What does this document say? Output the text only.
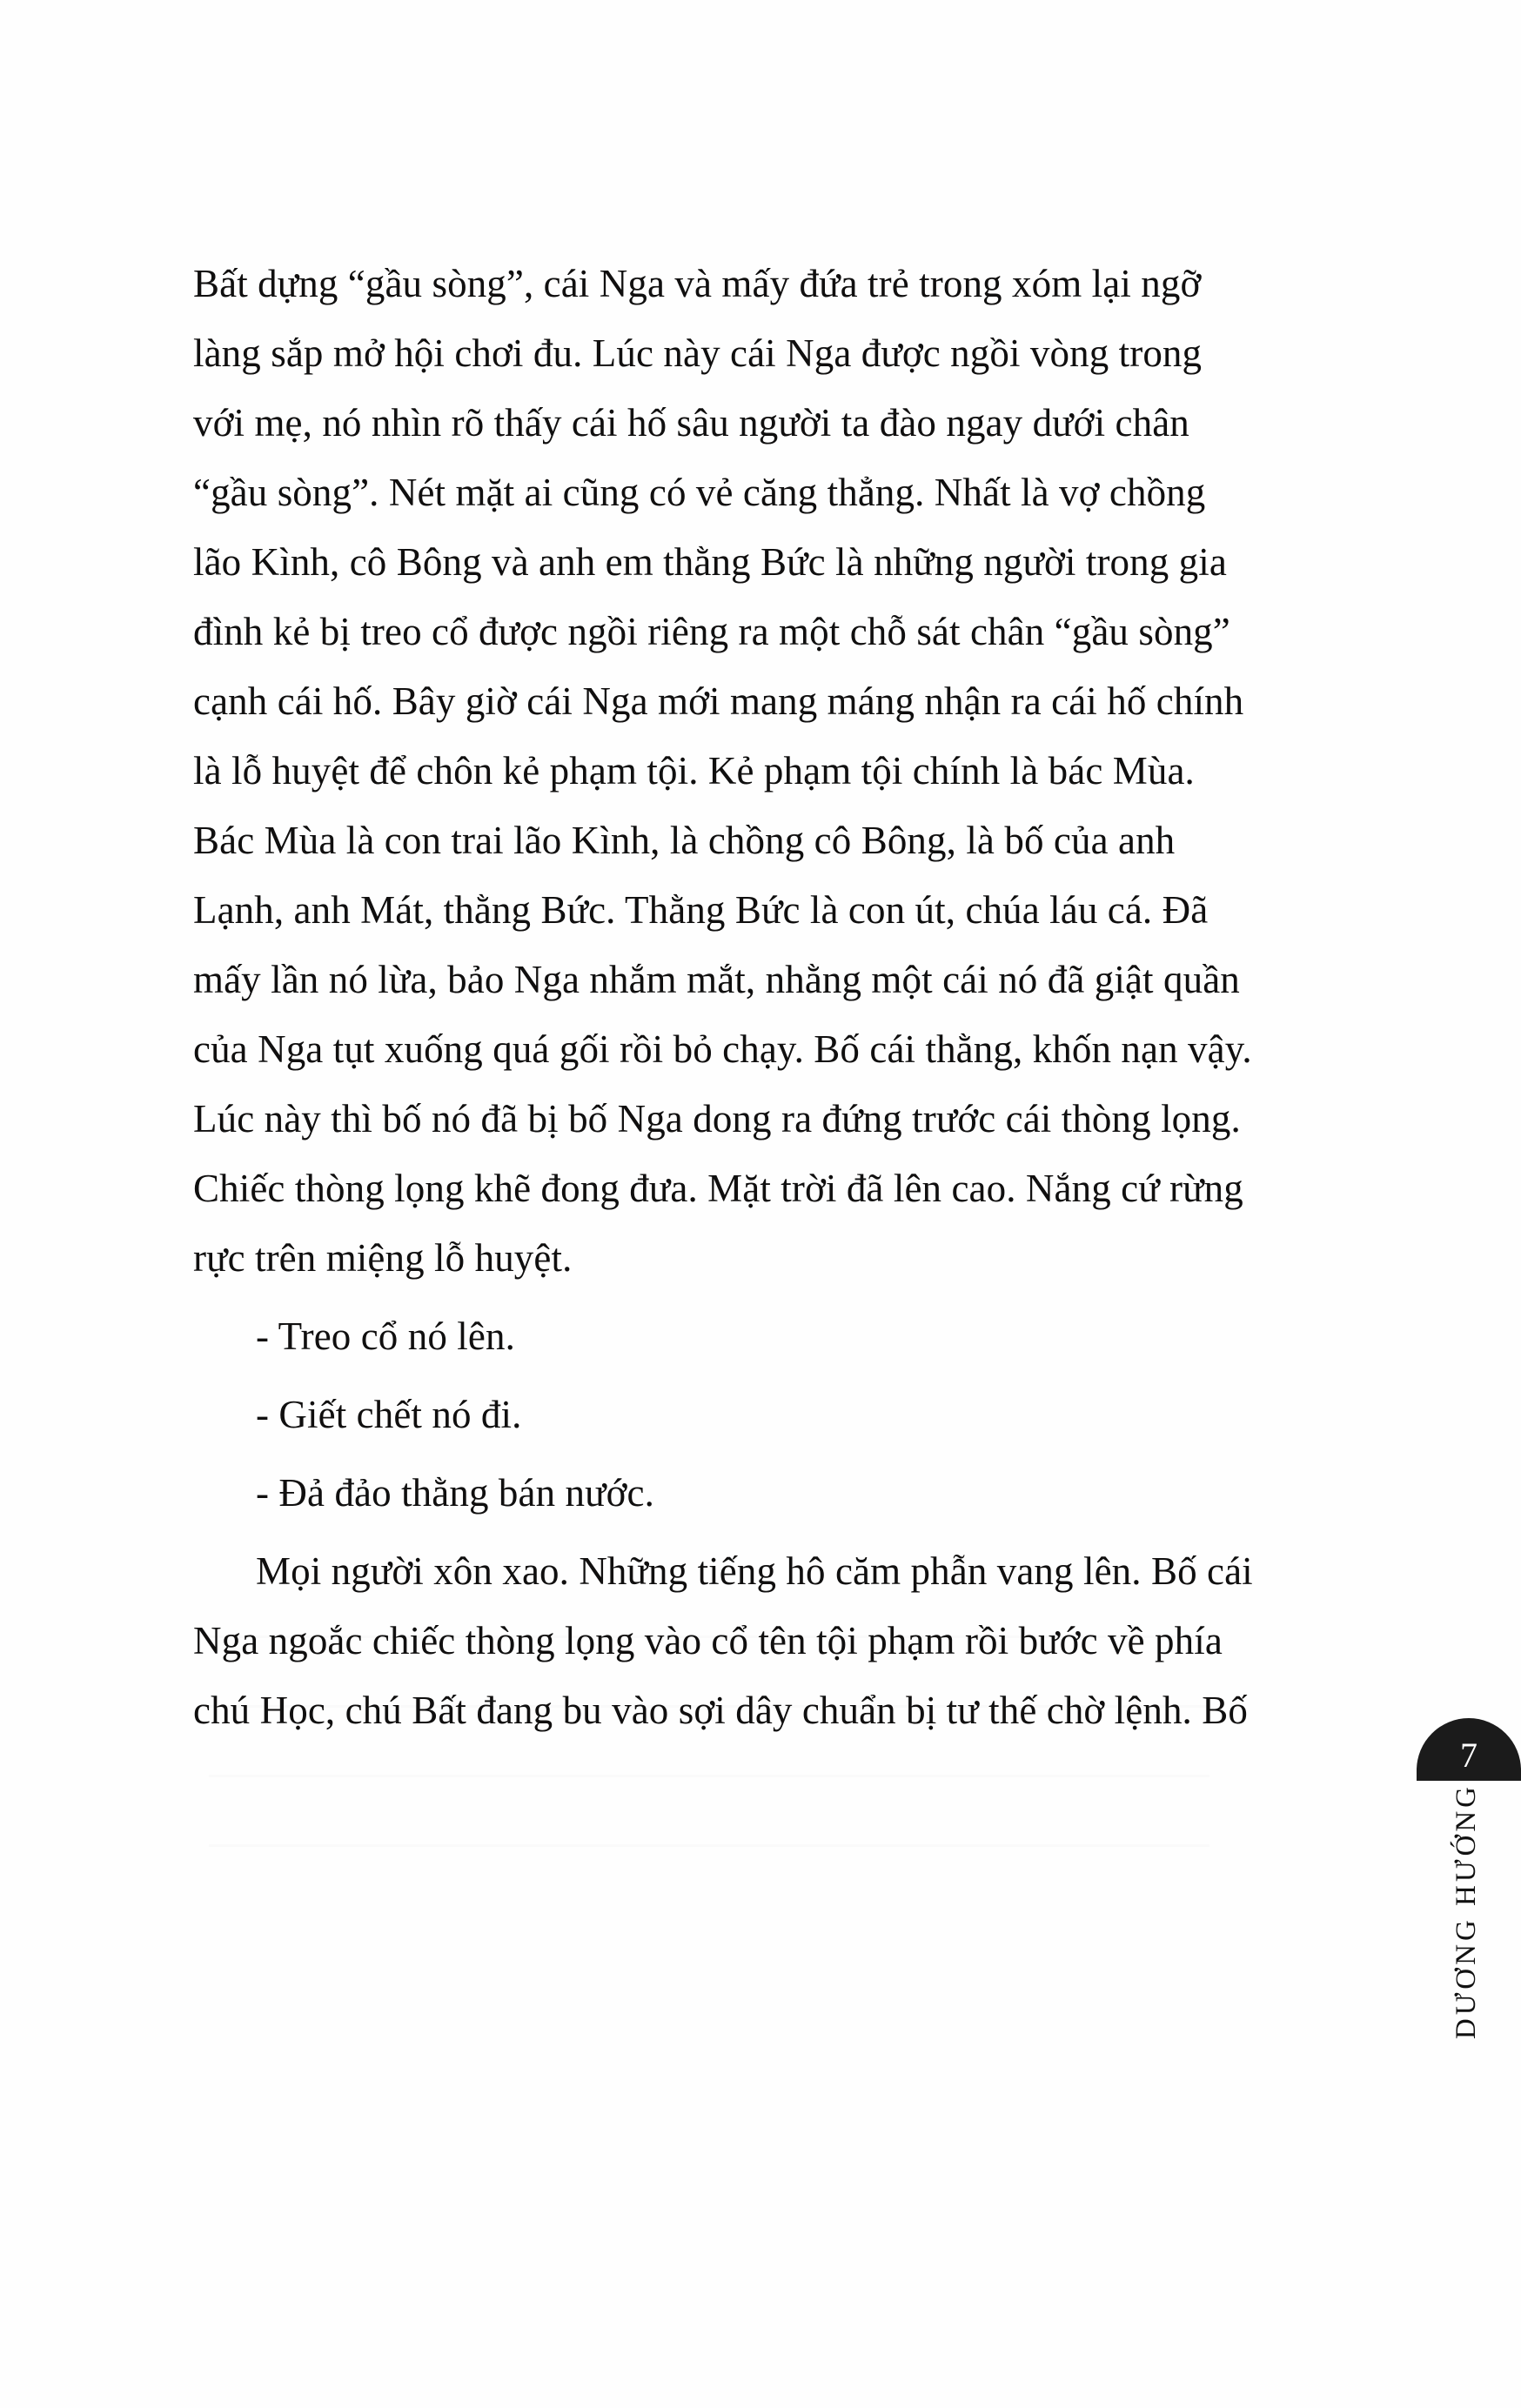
Bất dựng “gầu sòng”, cái Nga và mấy đứa trẻ trong xóm lại ngỡ làng sắp mở hội chơi đu. Lúc này cái Nga được ngồi vòng trong với mẹ, nó nhìn rõ thấy cái hố sâu người ta đào ngay dưới chân “gầu sòng”. Nét mặt ai cũng có vẻ căng thẳng. Nhất là vợ chồng lão Kình, cô Bông và anh em thằng Bức là những người trong gia đình kẻ bị treo cổ được ngồi riêng ra một chỗ sát chân “gầu sòng” cạnh cái hố. Bây giờ cái Nga mới mang máng nhận ra cái hố chính là lỗ huyệt để chôn kẻ phạm tội. Kẻ phạm tội chính là bác Mùa. Bác Mùa là con trai lão Kình, là chồng cô Bông, là bố của anh Lạnh, anh Mát, thằng Bức. Thằng Bức là con út, chúa láu cá. Đã mấy lần nó lừa, bảo Nga nhắm mắt, nhằng một cái nó đã giật quần của Nga tụt xuống quá gối rồi bỏ chạy. Bố cái thằng, khốn nạn vậy. Lúc này thì bố nó đã bị bố Nga dong ra đứng trước cái thòng lọng. Chiếc thòng lọng khẽ đong đưa. Mặt trời đã lên cao. Nắng cứ rừng rực trên miệng lỗ huyệt.

- Treo cổ nó lên.

- Giết chết nó đi.

- Đả đảo thằng bán nước.

Mọi người xôn xao. Những tiếng hô căm phẫn vang lên. Bố cái Nga ngoắc chiếc thòng lọng vào cổ tên tội phạm rồi bước về phía chú Học, chú Bất đang bu vào sợi dây chuẩn bị tư thế chờ lệnh. Bố

7
DƯƠNG HƯỚNG
